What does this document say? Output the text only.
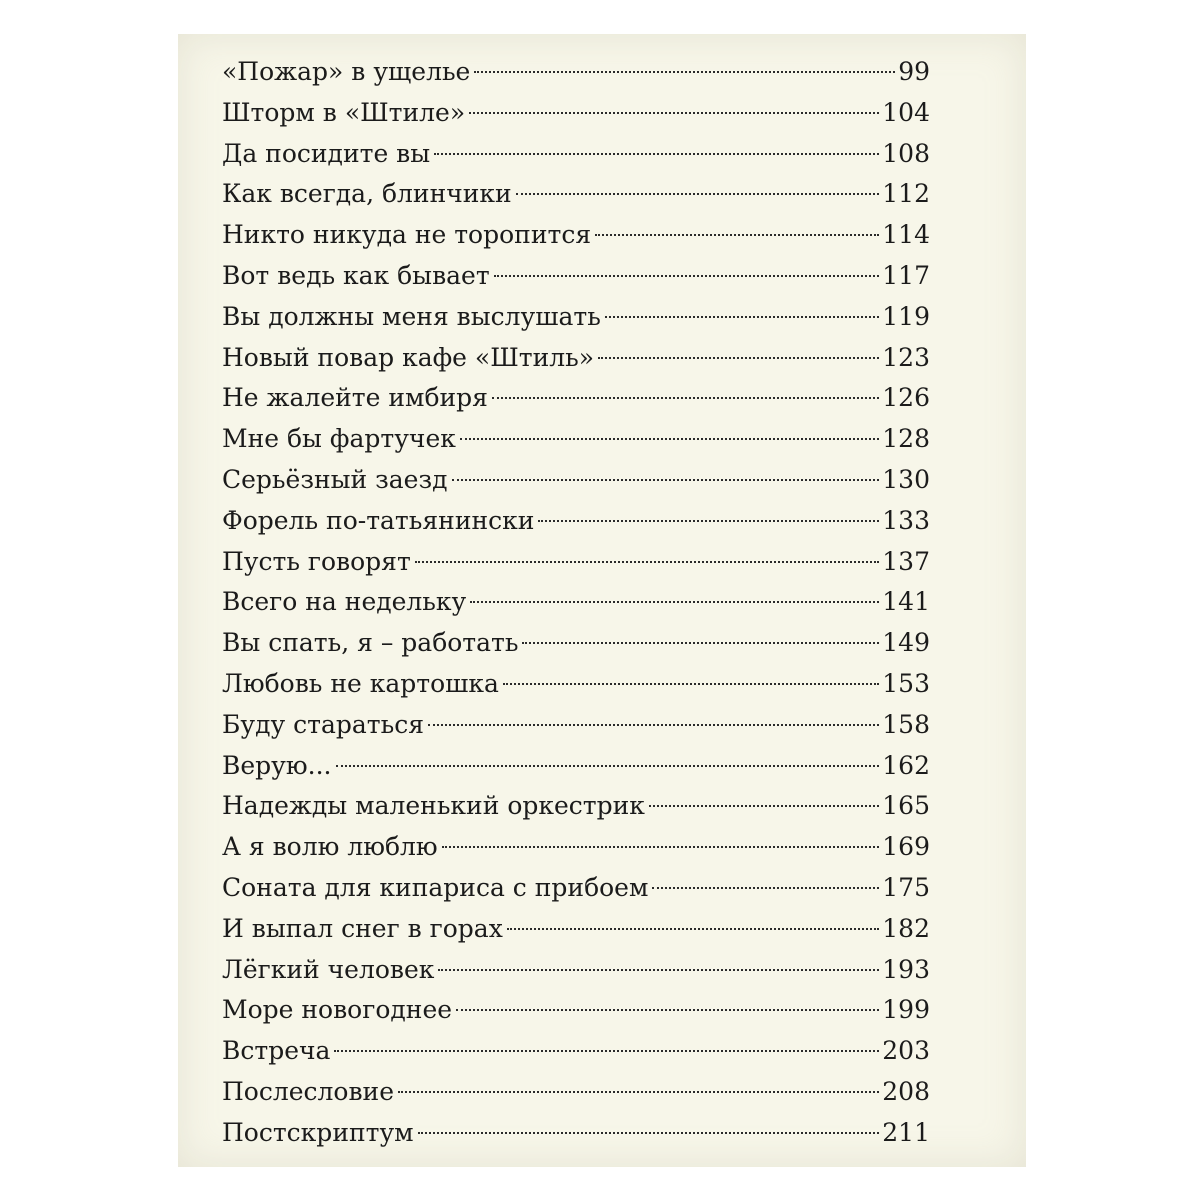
«Пожар» в ущелье	99
Шторм в «Штиле»	104
Да посидите вы	108
Как всегда, блинчики	112
Никто никуда не торопится	114
Вот ведь как бывает	117
Вы должны меня выслушать	119
Новый повар кафе «Штиль»	123
Не жалейте имбиря	126
Мне бы фартучек	128
Серьёзный заезд	130
Форель по-татьянински	133
Пусть говорят	137
Всего на недельку	141
Вы спать, я – работать	149
Любовь не картошка	153
Буду стараться	158
Верую...	162
Надежды маленький оркестрик	165
А я волю люблю	169
Соната для кипариса с прибоем	175
И выпал снег в горах	182
Лёгкий человек	193
Море новогоднее	199
Встреча	203
Послесловие	208
Постскриптум	211
